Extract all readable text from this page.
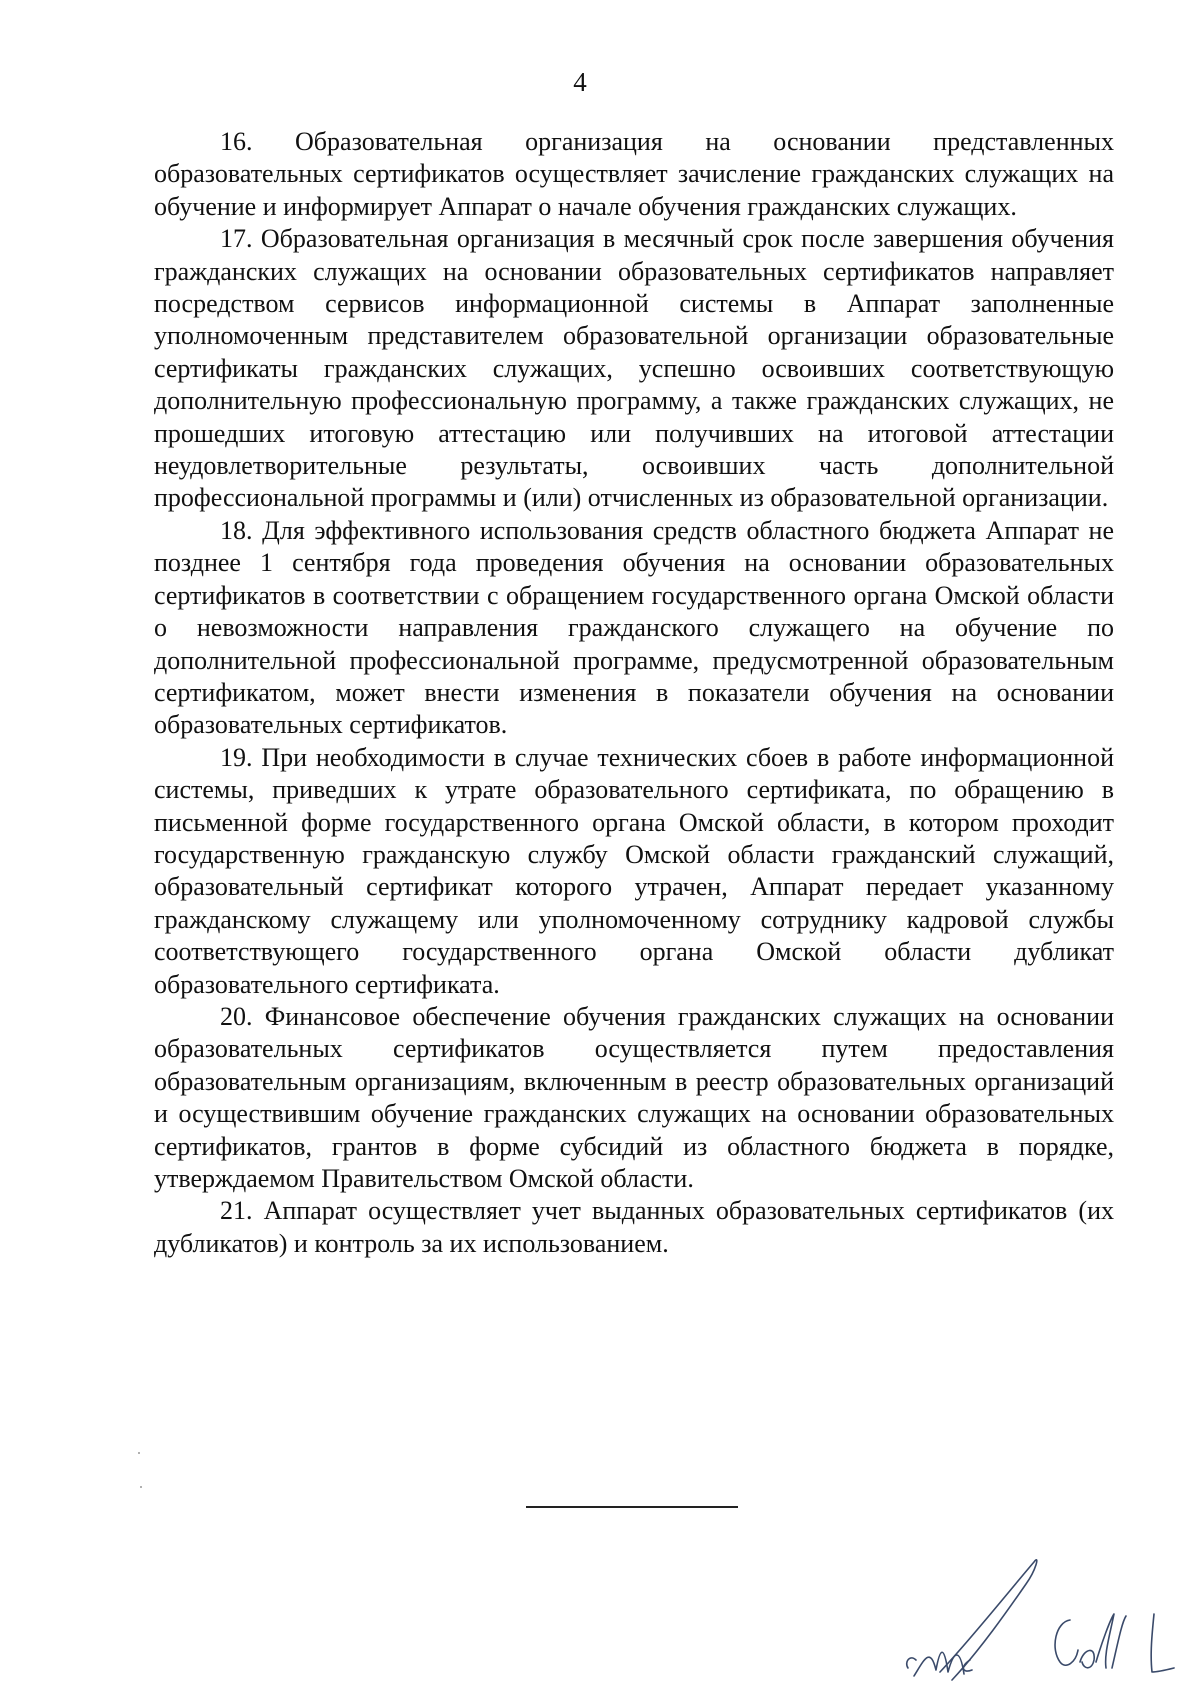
4

16. Образовательная организация на основании представленных образовательных сертификатов осуществляет зачисление гражданских служащих на обучение и информирует Аппарат о начале обучения гражданских служащих.

17. Образовательная организация в месячный срок после завершения обучения гражданских служащих на основании образовательных сертификатов направляет посредством сервисов информационной системы в Аппарат заполненные уполномоченным представителем образовательной организации образовательные сертификаты гражданских служащих, успешно освоивших соответствующую дополнительную профессиональную программу, а также гражданских служащих, не прошедших итоговую аттестацию или получивших на итоговой аттестации неудовлетворительные результаты, освоивших часть дополнительной профессиональной программы и (или) отчисленных из образовательной организации.

18. Для эффективного использования средств областного бюджета Аппарат не позднее 1 сентября года проведения обучения на основании образовательных сертификатов в соответствии с обращением государственного органа Омской области о невозможности направления гражданского служащего на обучение по дополнительной профессиональной программе, предусмотренной образовательным сертификатом, может внести изменения в показатели обучения на основании образовательных сертификатов.

19. При необходимости в случае технических сбоев в работе информационной системы, приведших к утрате образовательного сертификата, по обращению в письменной форме государственного органа Омской области, в котором проходит государственную гражданскую службу Омской области гражданский служащий, образовательный сертификат которого утрачен, Аппарат передает указанному гражданскому служащему или уполномоченному сотруднику кадровой службы соответствующего государственного органа Омской области дубликат образовательного сертификата.

20. Финансовое обеспечение обучения гражданских служащих на основании образовательных сертификатов осуществляется путем предоставления образовательным организациям, включенным в реестр образовательных организаций и осуществившим обучение гражданских служащих на основании образовательных сертификатов, грантов в форме субсидий из областного бюджета в порядке, утверждаемом Правительством Омской области.

21. Аппарат осуществляет учет выданных образовательных сертификатов (их дубликатов) и контроль за их использованием.
